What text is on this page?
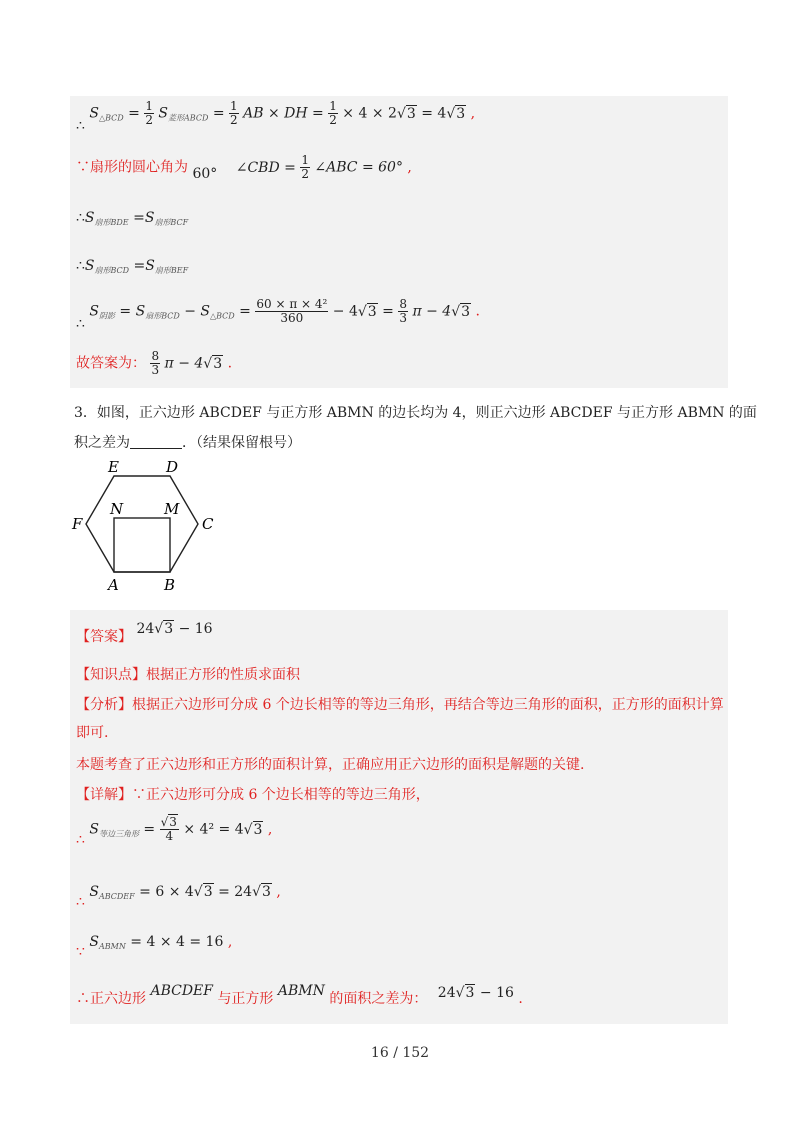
∴ $S_{\triangle BCD} = \frac{1}{2} S_{菱形ABCD} = \frac{1}{2}$ AB × DH = $\frac{1}{2} \times 4 \times 2√3 = 4√3$ ,
∵扇形的圆心角为 60° ∠CBD = $\frac{1}{2}$ ∠ABC = 60° ,
$\therefore S_{扇形BDE} =S_{扇形BCF}$
$\therefore S_{扇形BCD} =S_{扇形BEF}$
∴ $S_{阴影} = S_{扇形BCD} - S_{\triangle BCD} = \frac{\text{60 × π × 4²}}{360} - 4√3 = \frac{8}{3}$ π − 4√3 .
故答案为： $\frac{8}{3}$ π − 4√3 .
3．如图，正六边形 ABCDEF 与正方形 ABMN 的边长均为 4，则正六边形 ABCDEF 与正方形 ABMN 的面
积之差为	．（结果保留根号）
E	D
F	C
N	M
A	B
【答案】 24√3 − 16
【知识点】根据正方形的性质求面积
【分析】根据正六边形可分成 6 个边长相等的等边三角形，再结合等边三角形的面积，正方形的面积计算
即可.
本题考查了正六边形和正方形的面积计算，正确应用正六边形的面积是解题的关键.
【详解】∵正六边形可分成 6 个边长相等的等边三角形，
∴ $S_{等边三角形} = \frac{√3}{4} \times 4^2 = 4√3$ ,
∴ $S_{ABCDEF} = 6 \times 4√3 = 24√3$ ,
∵ $S_{ABMN} = 4 \times 4 = 16$ ,
∴正六边形 ABCDEF 与正方形 ABMN 的面积之差为： 24√3 − 16 .
16 / 152
